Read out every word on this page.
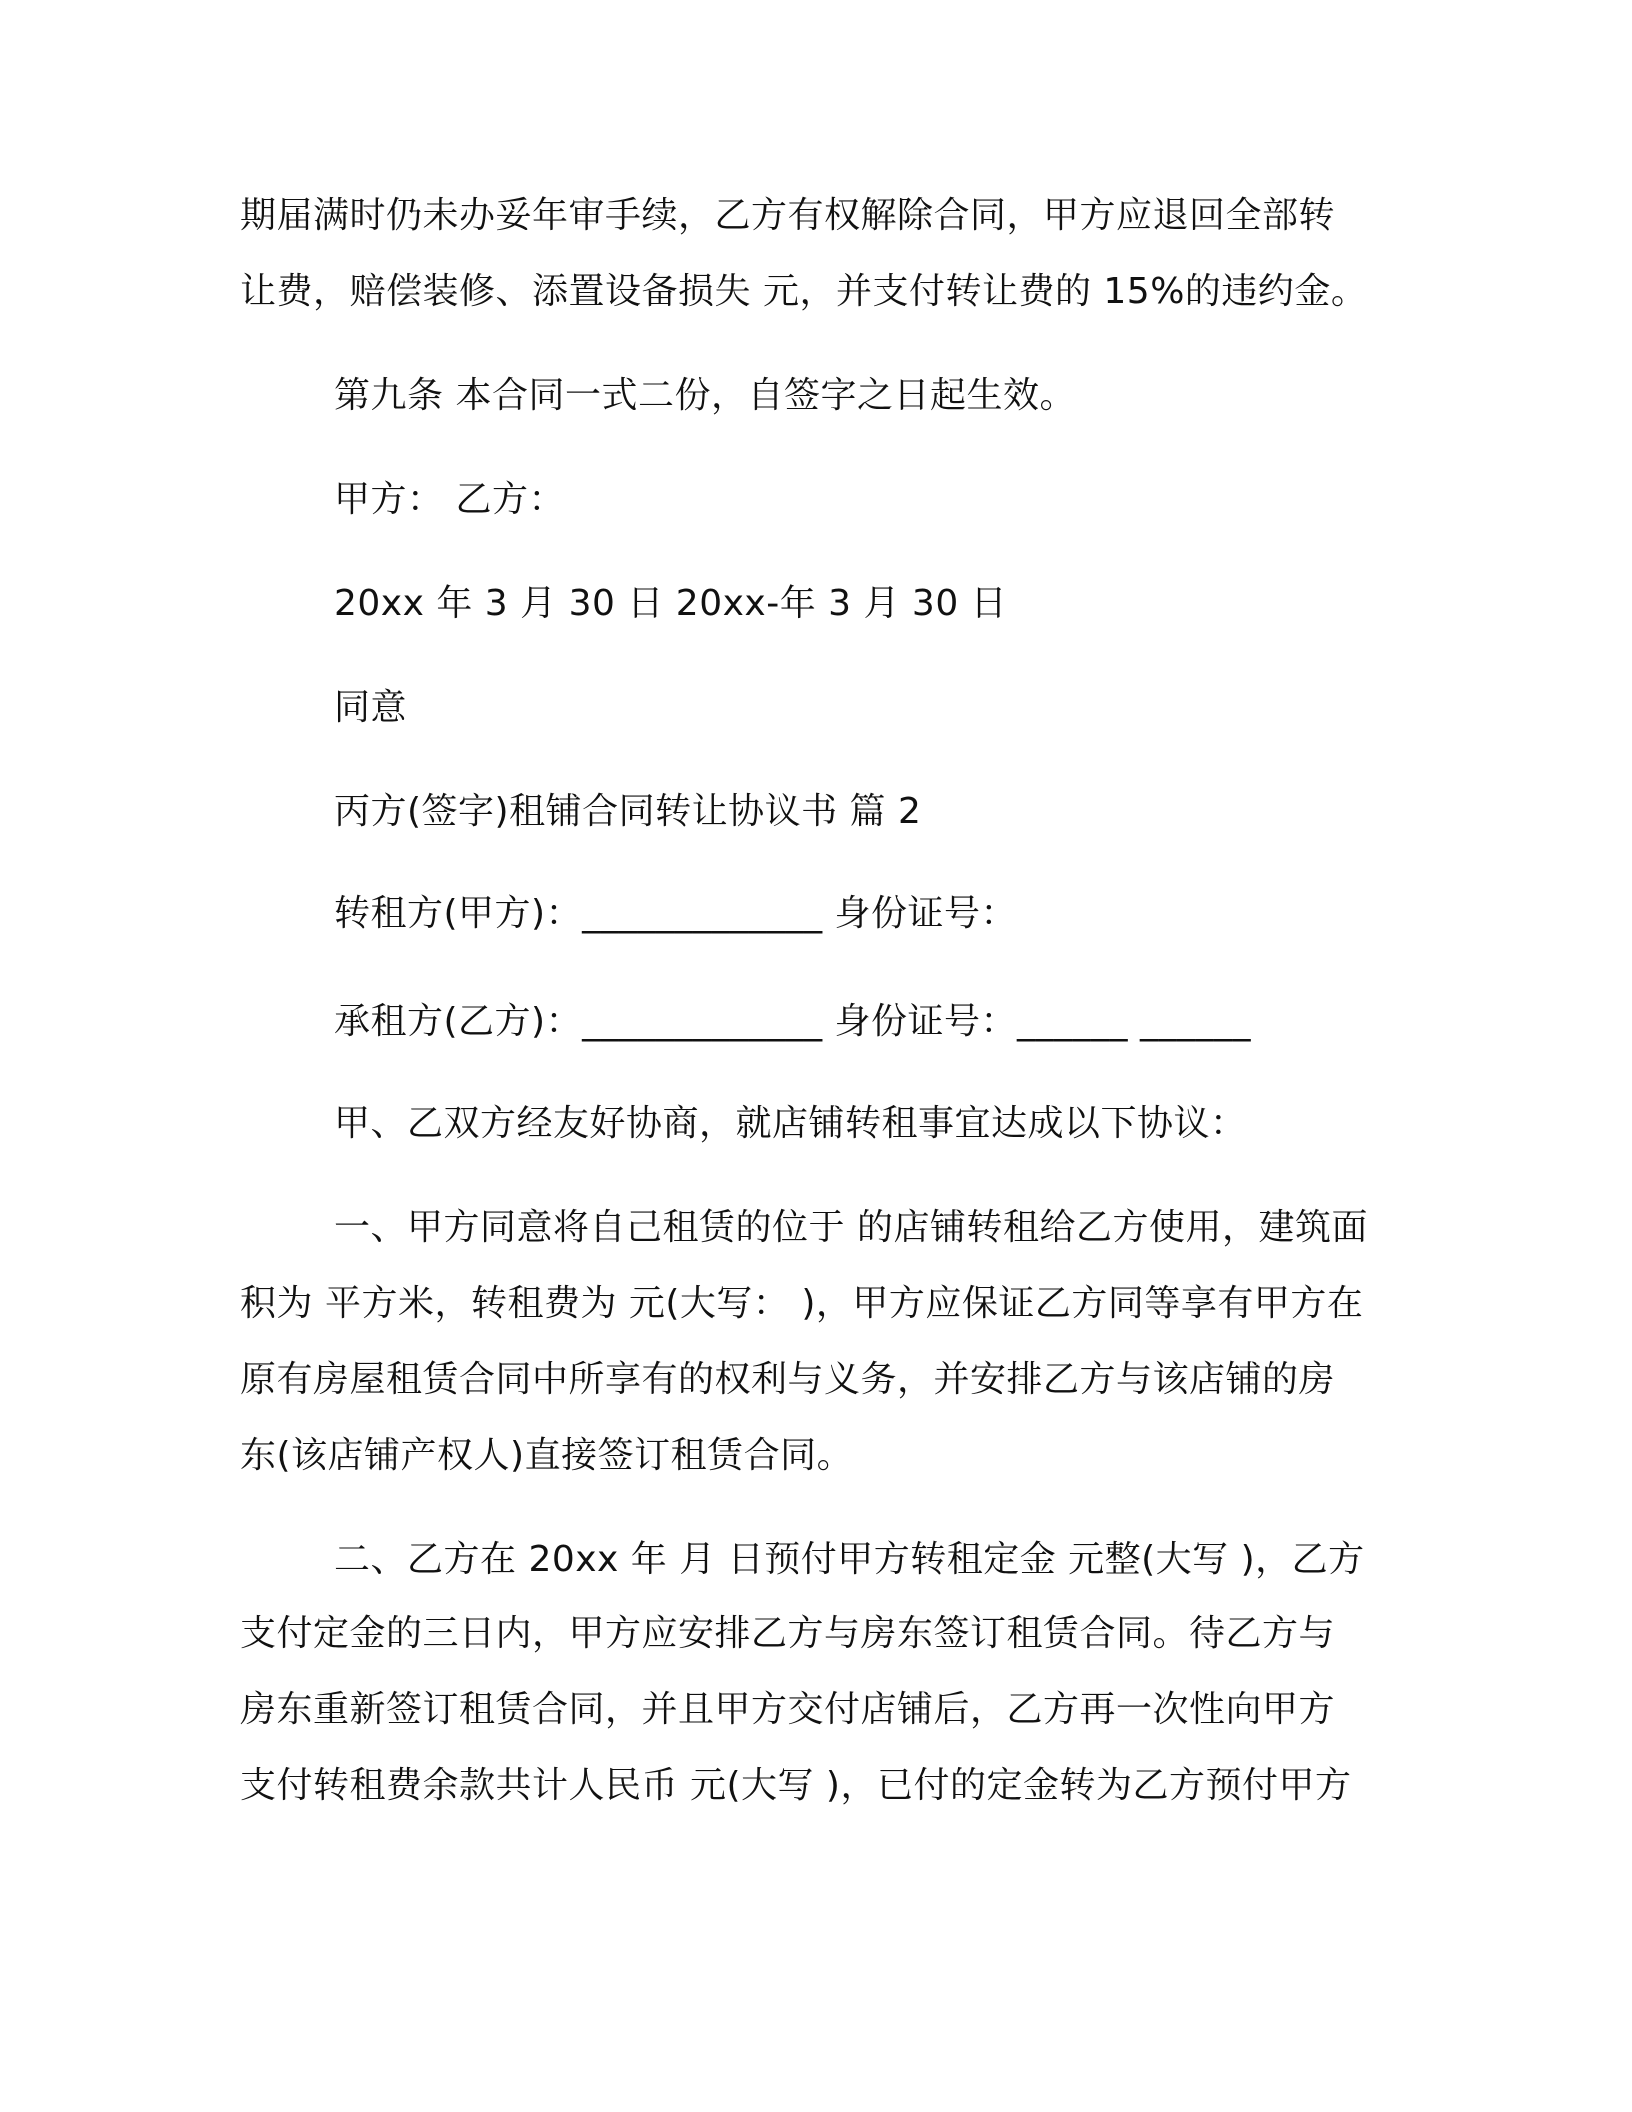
期届满时仍未办妥年审手续，乙方有权解除合同，甲方应退回全部转
让费，赔偿装修、添置设备损失 元，并支付转让费的 15%的违约金。
第九条 本合同一式二份，自签字之日起生效。
甲方： 乙方：
20xx 年 3 月 30 日 20xx-年 3 月 30 日
同意
丙方(签字)租铺合同转让协议书 篇 2
转租方(甲方)：_____________ 身份证号：
承租方(乙方)：_____________ 身份证号：______ ______
甲、乙双方经友好协商，就店铺转租事宜达成以下协议：
一、甲方同意将自己租赁的位于 的店铺转租给乙方使用，建筑面
积为 平方米，转租费为 元(大写： )，甲方应保证乙方同等享有甲方在
原有房屋租赁合同中所享有的权利与义务，并安排乙方与该店铺的房
东(该店铺产权人)直接签订租赁合同。
二、乙方在 20xx 年 月 日预付甲方转租定金 元整(大写 )，乙方
支付定金的三日内，甲方应安排乙方与房东签订租赁合同。待乙方与
房东重新签订租赁合同，并且甲方交付店铺后，乙方再一次性向甲方
支付转租费余款共计人民币 元(大写 )，已付的定金转为乙方预付甲方
